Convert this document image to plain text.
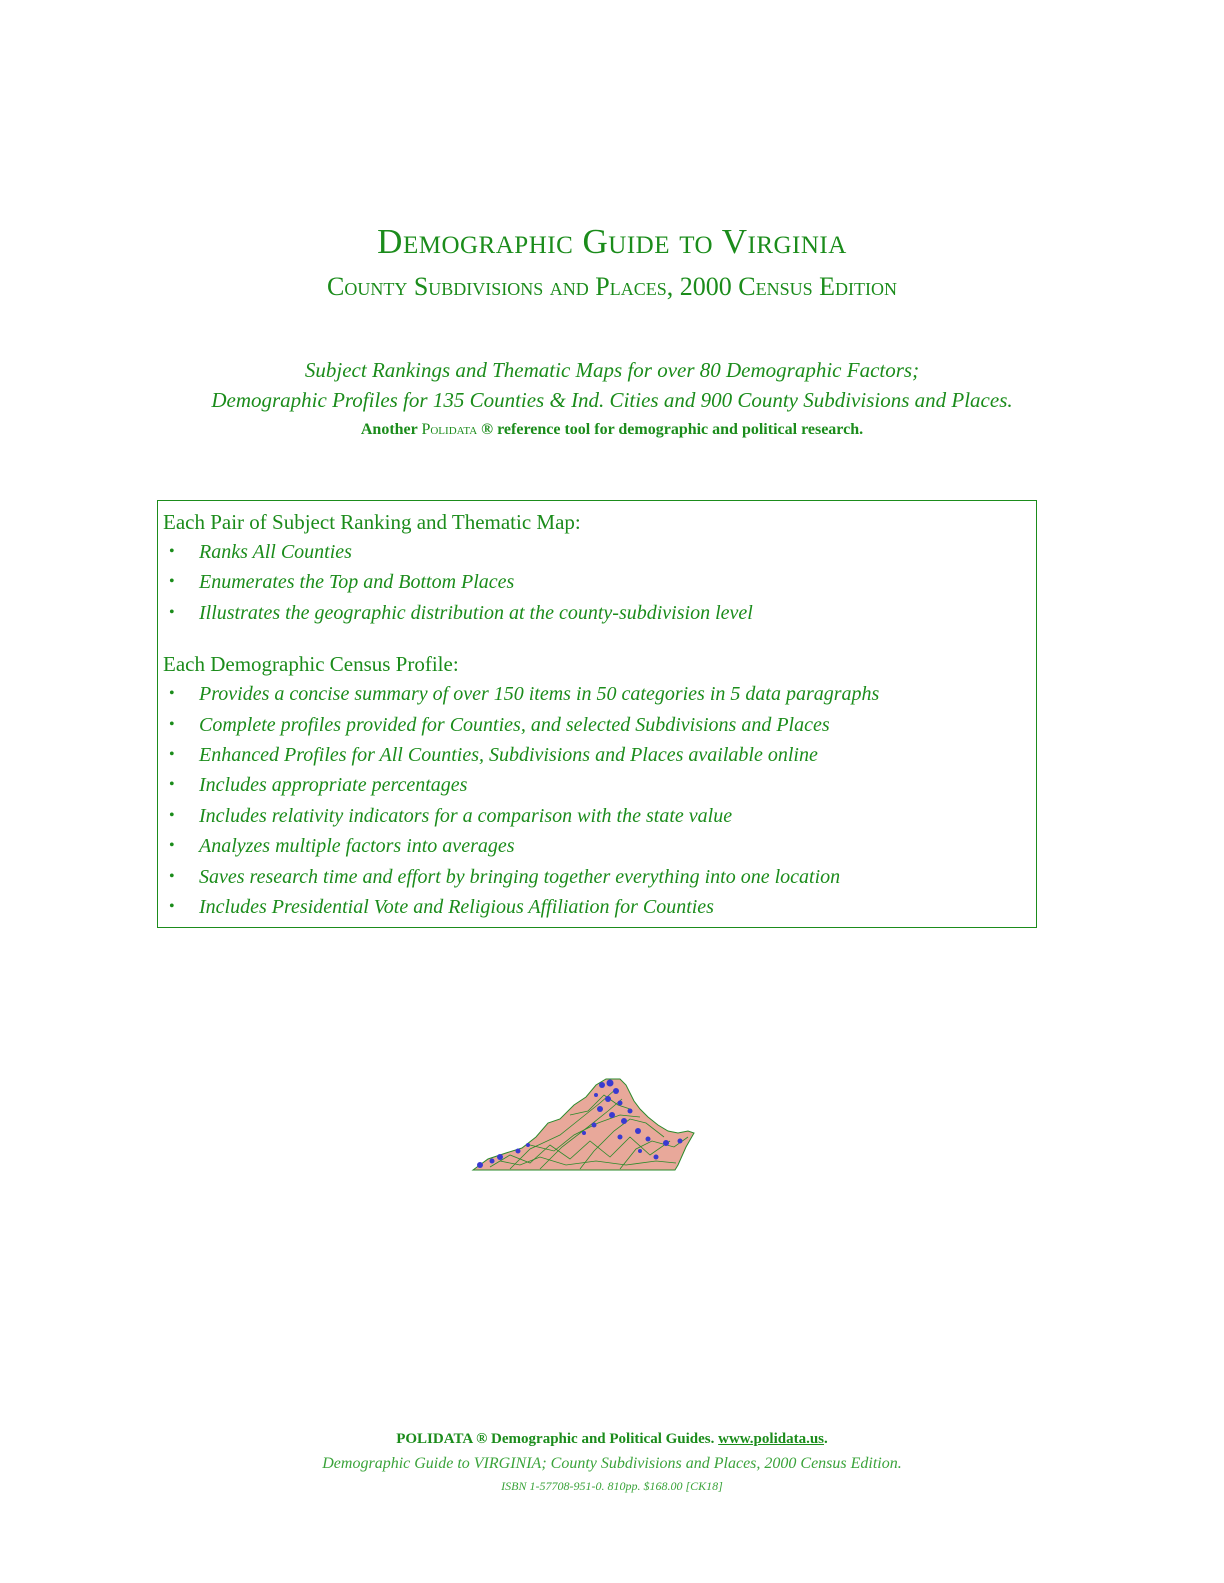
Demographic Guide to Virginia
County Subdivisions and Places, 2000 Census Edition
Subject Rankings and Thematic Maps for over 80 Demographic Factors;
Demographic Profiles for 135 Counties & Ind. Cities and 900 County Subdivisions and Places.
Another Polidata ® reference tool for demographic and political research.
Each Pair of Subject Ranking and Thematic Map:
• Ranks All Counties
• Enumerates the Top and Bottom Places
• Illustrates the geographic distribution at the county-subdivision level
Each Demographic Census Profile:
• Provides a concise summary of over 150 items in 50 categories in 5 data paragraphs
• Complete profiles provided for Counties, and selected Subdivisions and Places
• Enhanced Profiles for All Counties, Subdivisions and Places available online
• Includes appropriate percentages
• Includes relativity indicators for a comparison with the state value
• Analyzes multiple factors into averages
• Saves research time and effort by bringing together everything into one location
• Includes Presidential Vote and Religious Affiliation for Counties
POLIDATA ® Demographic and Political Guides. www.polidata.us.
Demographic Guide to VIRGINIA; County Subdivisions and Places, 2000 Census Edition.
ISBN 1-57708-951-0. 810pp. $168.00 [CK18]
